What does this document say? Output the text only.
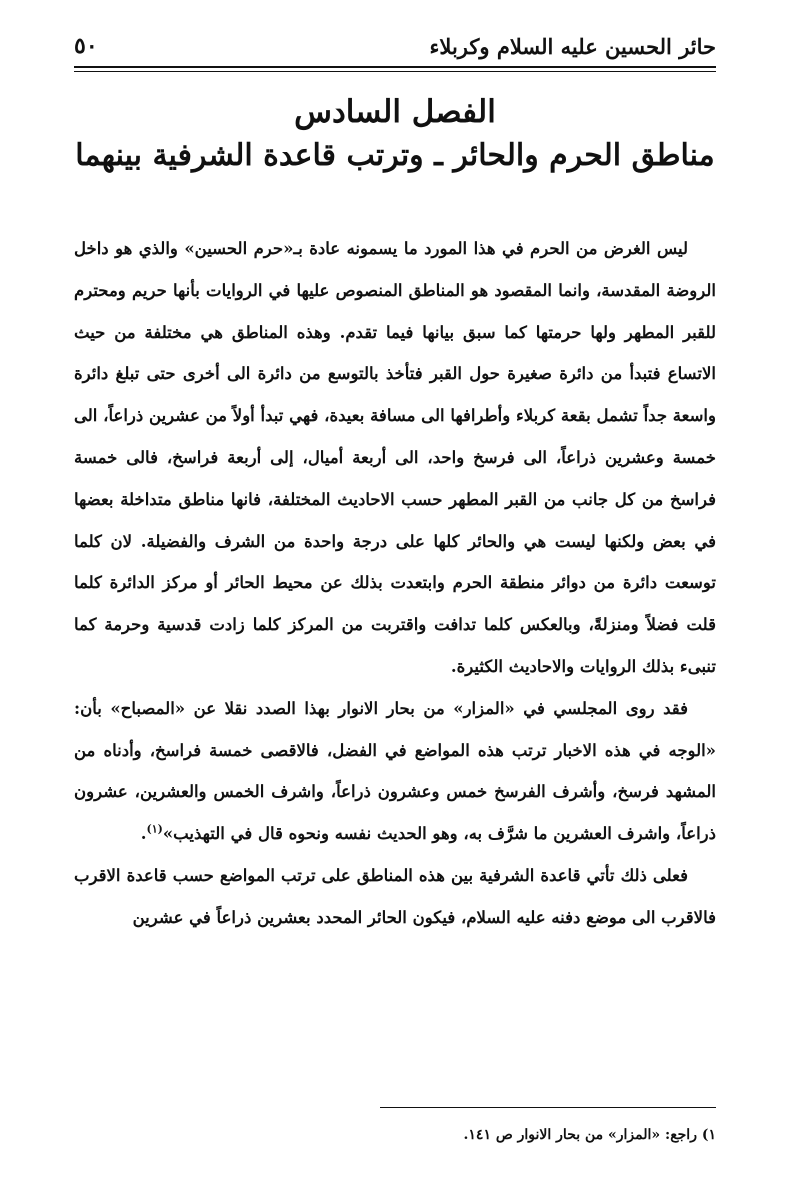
حائر الحسين عليه السلام وكربلاء
٥٠
الفصل السادس
مناطق الحرم والحائر ـ وترتب قاعدة الشرفية بينهما

ليس الغرض من الحرم في هذا المورد ما يسمونه عادة بـ«حرم الحسين» والذي هو داخل الروضة المقدسة، وانما المقصود هو المناطق المنصوص عليها في الروايات بأنها حريم ومحترم للقبر المطهر ولها حرمتها كما سبق بيانها فيما تقدم. وهذه المناطق هي مختلفة من حيث الاتساع فتبدأ من دائرة صغيرة حول القبر فتأخذ بالتوسع من دائرة الى أخرى حتى تبلغ دائرة واسعة جداً تشمل بقعة كربلاء وأطرافها الى مسافة بعيدة، فهي تبدأ أولاً من عشرين ذراعاً، الى خمسة وعشرين ذراعاً، الى فرسخ واحد، الى أربعة أميال، إلى أربعة فراسخ، فالى خمسة فراسخ من كل جانب من القبر المطهر حسب الاحاديث المختلفة، فانها مناطق متداخلة بعضها في بعض ولكنها ليست هي والحائر كلها على درجة واحدة من الشرف والفضيلة. لان كلما توسعت دائرة من دوائر منطقة الحرم وابتعدت بذلك عن محيط الحائر أو مركز الدائرة كلما قلت فضلاً ومنزلةً، وبالعكس كلما تدافت واقتربت من المركز كلما زادت قدسية وحرمة كما تنبىء بذلك الروايات والاحاديث الكثيرة.

فقد روى المجلسي في «المزار» من بحار الانوار بهذا الصدد نقلا عن «المصباح» بأن: «الوجه في هذه الاخبار ترتب هذه المواضع في الفضل، فالاقصى خمسة فراسخ، وأدناه من المشهد فرسخ، وأشرف الفرسخ خمس وعشرون ذراعاً، واشرف الخمس والعشرين، عشرون ذراعاً، واشرف العشرين ما شرَّف به، وهو الحديث نفسه ونحوه قال في التهذيب»$^{(١)}$.

فعلى ذلك تأتي قاعدة الشرفية بين هذه المناطق على ترتب المواضع حسب قاعدة الاقرب فالاقرب الى موضع دفنه عليه السلام، فيكون الحائر المحدد بعشرين ذراعاً في عشرين

١) راجع: «المزار» من بحار الانوار ص ١٤١.
